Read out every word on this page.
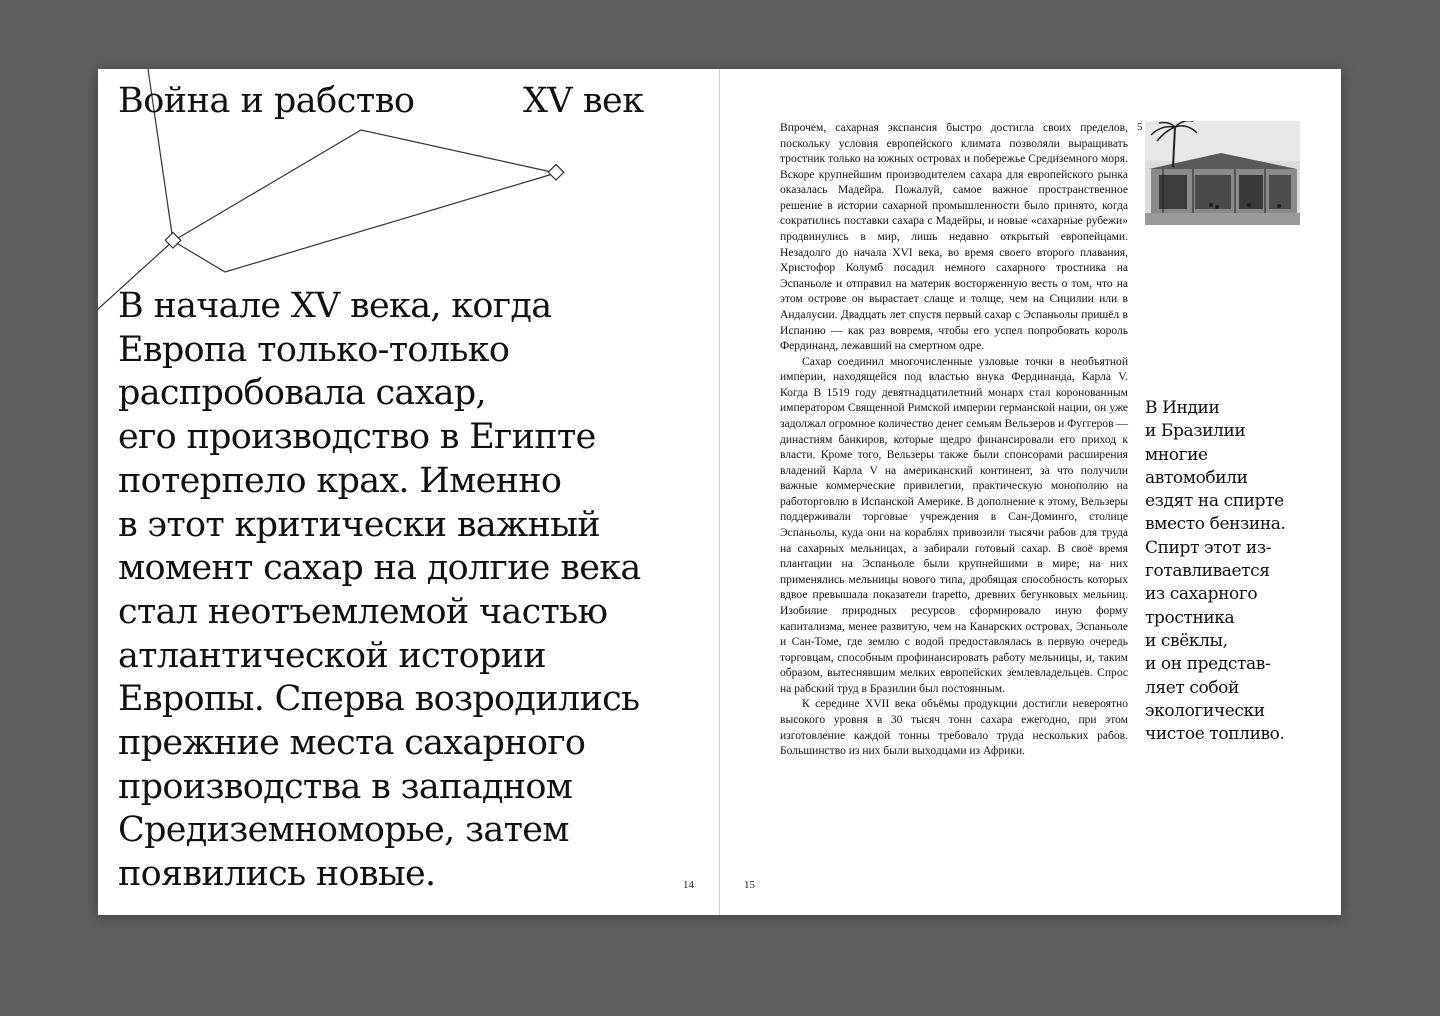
Война и рабство	XV век

В начале XV века, когда
Европа только-только
распробовала сахар,
его производство в Египте
потерпело крах. Именно
в этот критически важный
момент сахар на долгие века
стал неотъемлемой частью
атлантической истории
Европы. Сперва возродились
прежние места сахарного
производства в западном
Средиземноморье, затем
появились новые.	14	15

Впрочем, сахарная экспансия быстро достигла своих пределов, поскольку условия европейского климата позволяли выращивать тростник только на южных островах и побережье Средиземного моря. Вскоре крупнейшим производителем сахара для европейского рынка оказалась Мадейра. Пожалуй, самое важное пространственное решение в истории сахарной промышленности было принято, когда сократились поставки сахара с Мадейры, и новые «сахарные рубежи» продвинулись в мир, лишь недавно открытый европейцами. Незадолго до начала XVI века, во время своего второго плавания, Христофор Колумб посадил немного сахарного тростника на Эспаньоле и отправил на материк восторженную весть о том, что на этом острове он вырастает слаще и толще, чем на Сицилии или в Андалусии. Двадцать лет спустя первый сахар с Эспаньолы пришёл в Испанию — как раз вовремя, чтобы его успел попробовать король Фердинанд, лежавший на смертном одре.

Сахар соединил многочисленные узловые точки в необъятной империи, находящейся под властью внука Фердинанда, Карла V. Когда В 1519 году девятнадцатилетний монарх стал коронованным императором Священной Римской империи германской нации, он уже задолжал огромное количество денег семьям Вельзеров и Фуггеров — династиям банкиров, которые щедро финансировали его приход к власти. Кроме того, Вельзеры также были спонсорами расширения владений Карла V на американский континент, за что получили важные коммерческие привилегии, практическую монополию на работорговлю в Испанской Америке. В дополнение к этому, Вельзеры поддерживали торговые учреждения в Сан-Доминго, столице Эспаньолы, куда они на кораблях привозили тысячи рабов для труда на сахарных мельницах, а забирали готовый сахар. В своё время плантации на Эспаньоле были крупнейшими в мире; на них применялись мельницы нового типа, дробящая способность которых вдвое превышала показатели trapetto, древних бегунковых мельниц. Изобилие природных ресурсов сформировало иную форму капитализма, менее развитую, чем на Канарских островах, Эспаньоле и Сан-Томе, где землю с водой предоставлялась в первую очередь торговцам, способным профинансировать работу мельницы, и, таким образом, вытеснявшим мелких европейских землевладельцев. Спрос на рабский труд в Бразилии был постоянным.

К середине XVII века объёмы продукции достигли невероятно высокого уровня в 30 тысяч тонн сахара ежегодно, при этом изготовление каждой тонны требовало труда нескольких рабов. Большинство из них были выходцами из Африки.

5

В Индии
и Бразилии
многие
автомобили
ездят на спирте
вместо бензина.
Спирт этот из-
готавливается
из сахарного
тростника
и свёклы,
и он представ-
ляет собой
экологически
чистое топливо.
